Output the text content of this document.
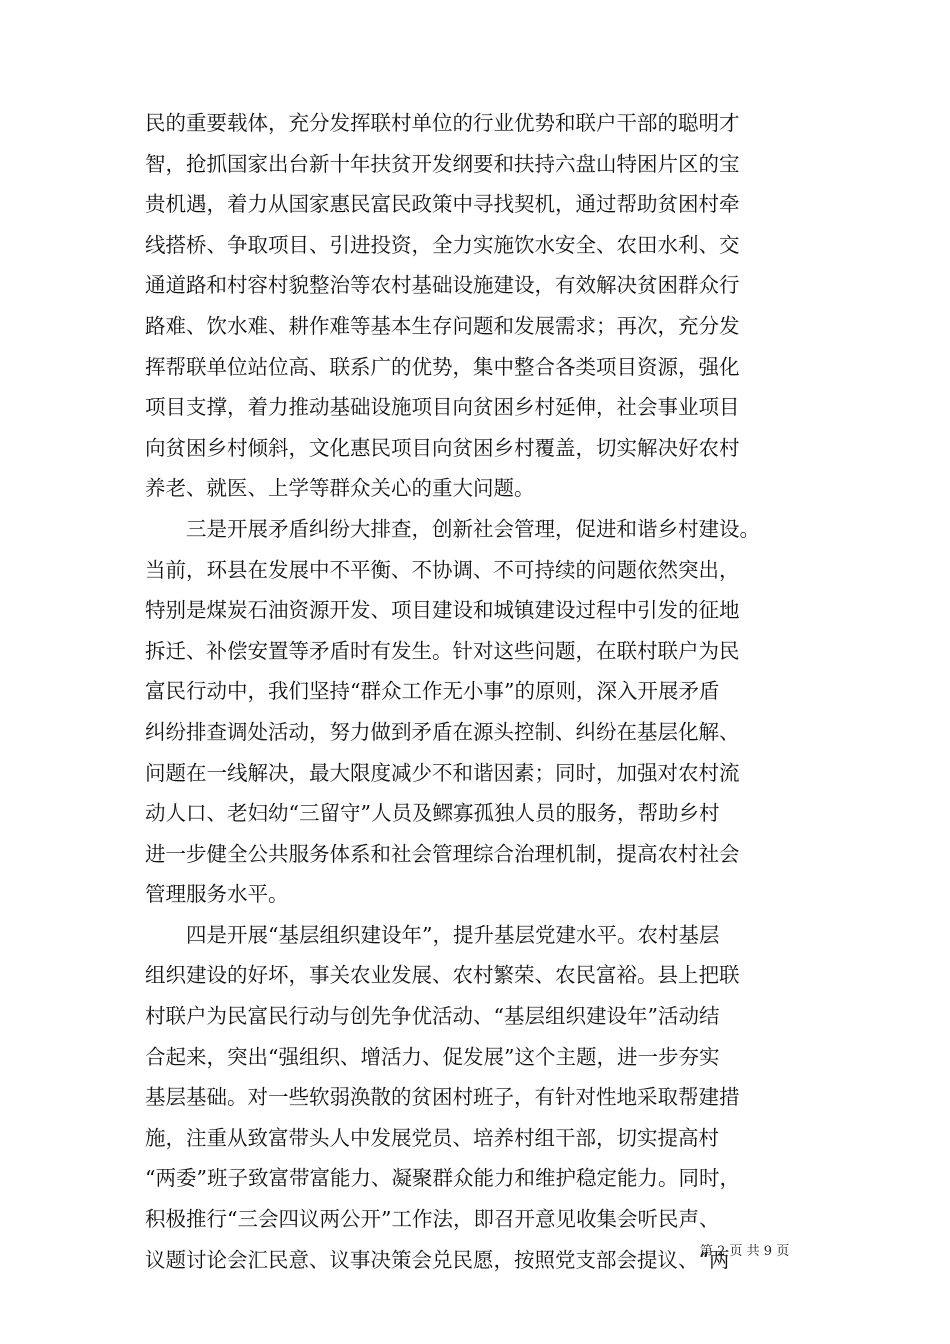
民的重要载体，充分发挥联村单位的行业优势和联户干部的聪明才
智，抢抓国家出台新十年扶贫开发纲要和扶持六盘山特困片区的宝
贵机遇，着力从国家惠民富民政策中寻找契机，通过帮助贫困村牵
线搭桥、争取项目、引进投资，全力实施饮水安全、农田水利、交
通道路和村容村貌整治等农村基础设施建设，有效解决贫困群众行
路难、饮水难、耕作难等基本生存问题和发展需求；再次，充分发
挥帮联单位站位高、联系广的优势，集中整合各类项目资源，强化
项目支撑，着力推动基础设施项目向贫困乡村延伸，社会事业项目
向贫困乡村倾斜，文化惠民项目向贫困乡村覆盖，切实解决好农村
养老、就医、上学等群众关心的重大问题。
　　三是开展矛盾纠纷大排查，创新社会管理，促进和谐乡村建设。
当前，环县在发展中不平衡、不协调、不可持续的问题依然突出，
特别是煤炭石油资源开发、项目建设和城镇建设过程中引发的征地
拆迁、补偿安置等矛盾时有发生。针对这些问题，在联村联户为民
富民行动中，我们坚持“群众工作无小事”的原则，深入开展矛盾
纠纷排查调处活动，努力做到矛盾在源头控制、纠纷在基层化解、
问题在一线解决，最大限度减少不和谐因素；同时，加强对农村流
动人口、老妇幼“三留守”人员及鳏寡孤独人员的服务，帮助乡村
进一步健全公共服务体系和社会管理综合治理机制，提高农村社会
管理服务水平。
　　四是开展“基层组织建设年”，提升基层党建水平。农村基层
组织建设的好坏，事关农业发展、农村繁荣、农民富裕。县上把联
村联户为民富民行动与创先争优活动、“基层组织建设年”活动结
合起来，突出“强组织、增活力、促发展”这个主题，进一步夯实
基层基础。对一些软弱涣散的贫困村班子，有针对性地采取帮建措
施，注重从致富带头人中发展党员、培养村组干部，切实提高村
“两委”班子致富带富能力、凝聚群众能力和维护稳定能力。同时，
积极推行“三会四议两公开”工作法，即召开意见收集会听民声、
议题讨论会汇民意、议事决策会兑民愿，按照党支部会提议、“两
第 2 页 共 9 页
